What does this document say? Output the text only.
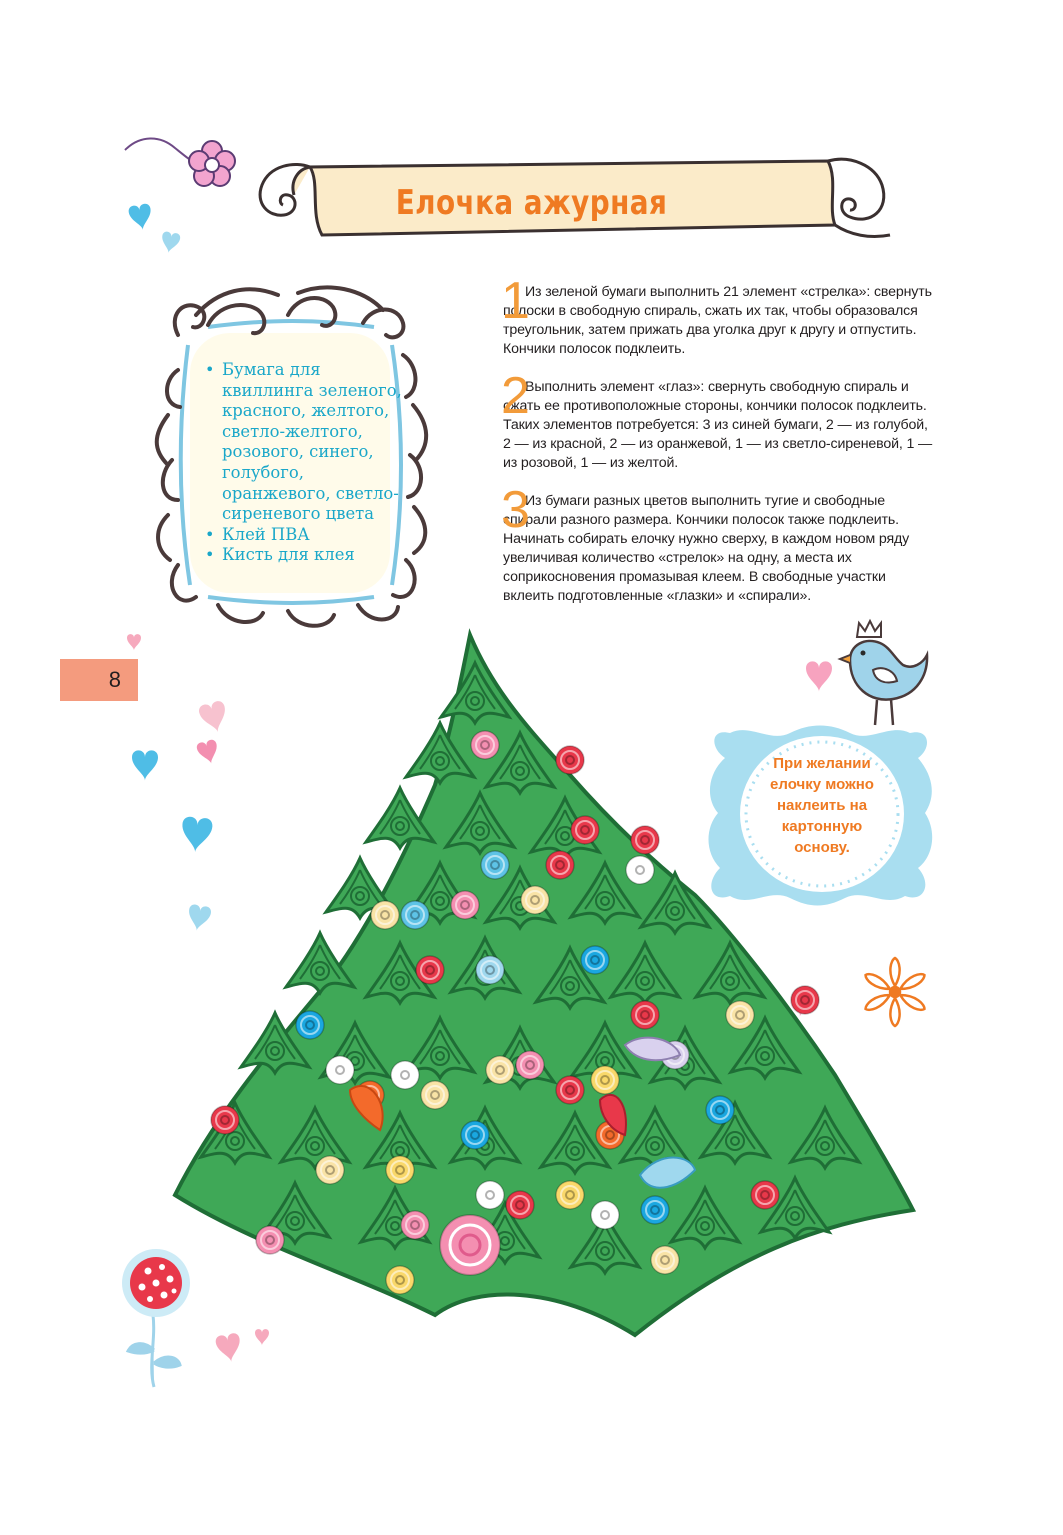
Елочка ажурная
• Бумага для квиллинга зеленого, красного, желтого, светло-желтого, розового, синего, голубого, оранжевого, светло-сиреневого цвета
• Клей ПВА
• Кисть для клея
1

Из зеленой бумаги выполнить 21 элемент «стрелка»: свернуть полоски в свободную спираль, сжать их так, чтобы образовался треугольник, затем прижать два уголка друг к другу и отпустить. Кончики полосок подклеить.

2

Выполнить элемент «глаз»: свернуть свободную спираль и сжать ее противоположные стороны, кончики полосок подклеить. Таких элементов потребуется: 3 из синей бумаги, 2 — из голубой, 2 — из красной, 2 — из оранжевой, 1 — из светло-сиреневой, 1 — из розовой, 1 — из желтой.

3

Из бумаги разных цветов выполнить тугие и свободные спирали разного размера. Кончики полосок также подклеить. Начинать собирать елочку нужно сверху, в каждом новом ряду увеличивая количество «стрелок» на одну, а места их соприкосновения промазывая клеем. В свободные участки вклеить подготовленные «глазки» и «спирали».

8
При желании елочку можно наклеить на картонную основу.
